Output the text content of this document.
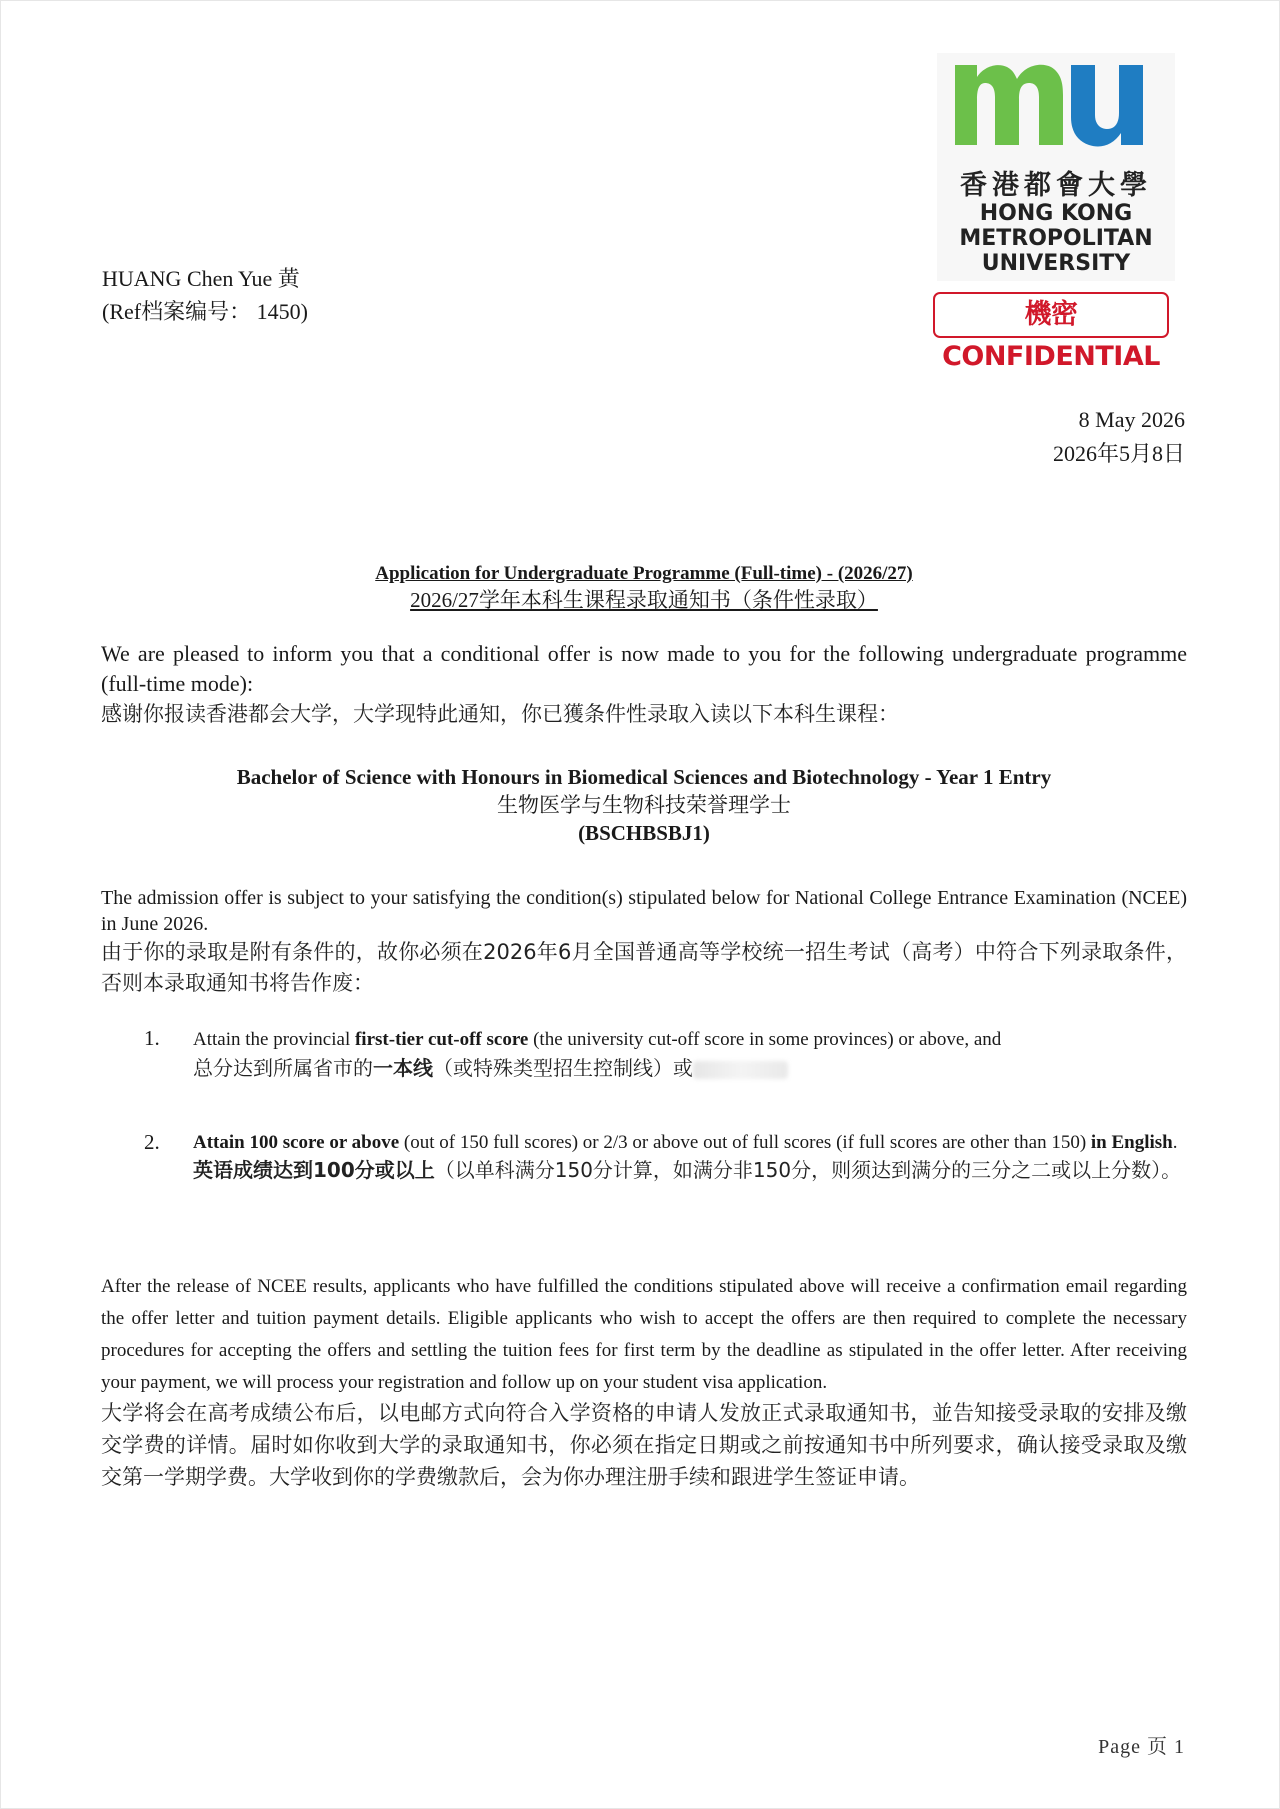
香港都會大學
HONG KONG
METROPOLITAN
UNIVERSITY
機密CONFIDENTIAL
HUANG Chen Yue 黄
(Ref档案编号： 1450)
8 May 2026
2026年5月8日
Application for Undergraduate Programme (Full-time) - (2026/27)
2026/27学年本科生课程录取通知书（条件性录取）
We are pleased to inform you that a conditional offer is now made to you for the following undergraduate programme (full-time mode):
感谢你报读香港都会大学，大学现特此通知，你已獲条件性录取入读以下本科生课程：
Bachelor of Science with Honours in Biomedical Sciences and Biotechnology - Year 1 Entry
生物医学与生物科技荣誉理学士
(BSCHBSBJ1)
The admission offer is subject to your satisfying the condition(s) stipulated below for National College Entrance Examination (NCEE) in June 2026.
由于你的录取是附有条件的，故你必须在2026年6月全国普通高等学校统一招生考试（高考）中符合下列录取条件，否则本录取通知书将告作废：
1. Attain the provincial first-tier cut-off score (the university cut-off score in some provinces) or above, and
总分达到所属省市的一本线（或特殊类型招生控制线）或
2. Attain 100 score or above (out of 150 full scores) or 2/3 or above out of full scores (if full scores are other than 150) in English.
英语成绩达到100分或以上（以单科满分150分计算，如满分非150分，则须达到满分的三分之二或以上分数）。
After the release of NCEE results, applicants who have fulfilled the conditions stipulated above will receive a confirmation email regarding the offer letter and tuition payment details. Eligible applicants who wish to accept the offers are then required to complete the necessary procedures for accepting the offers and settling the tuition fees for first term by the deadline as stipulated in the offer letter. After receiving your payment, we will process your registration and follow up on your student visa application.
大学将会在高考成绩公布后，以电邮方式向符合入学资格的申请人发放正式录取通知书，並告知接受录取的安排及缴交学费的详情。届时如你收到大学的录取通知书，你必须在指定日期或之前按通知书中所列要求，确认接受录取及缴交第一学期学费。大学收到你的学费缴款后，会为你办理注册手续和跟进学生签证申请。
Page 页 1
